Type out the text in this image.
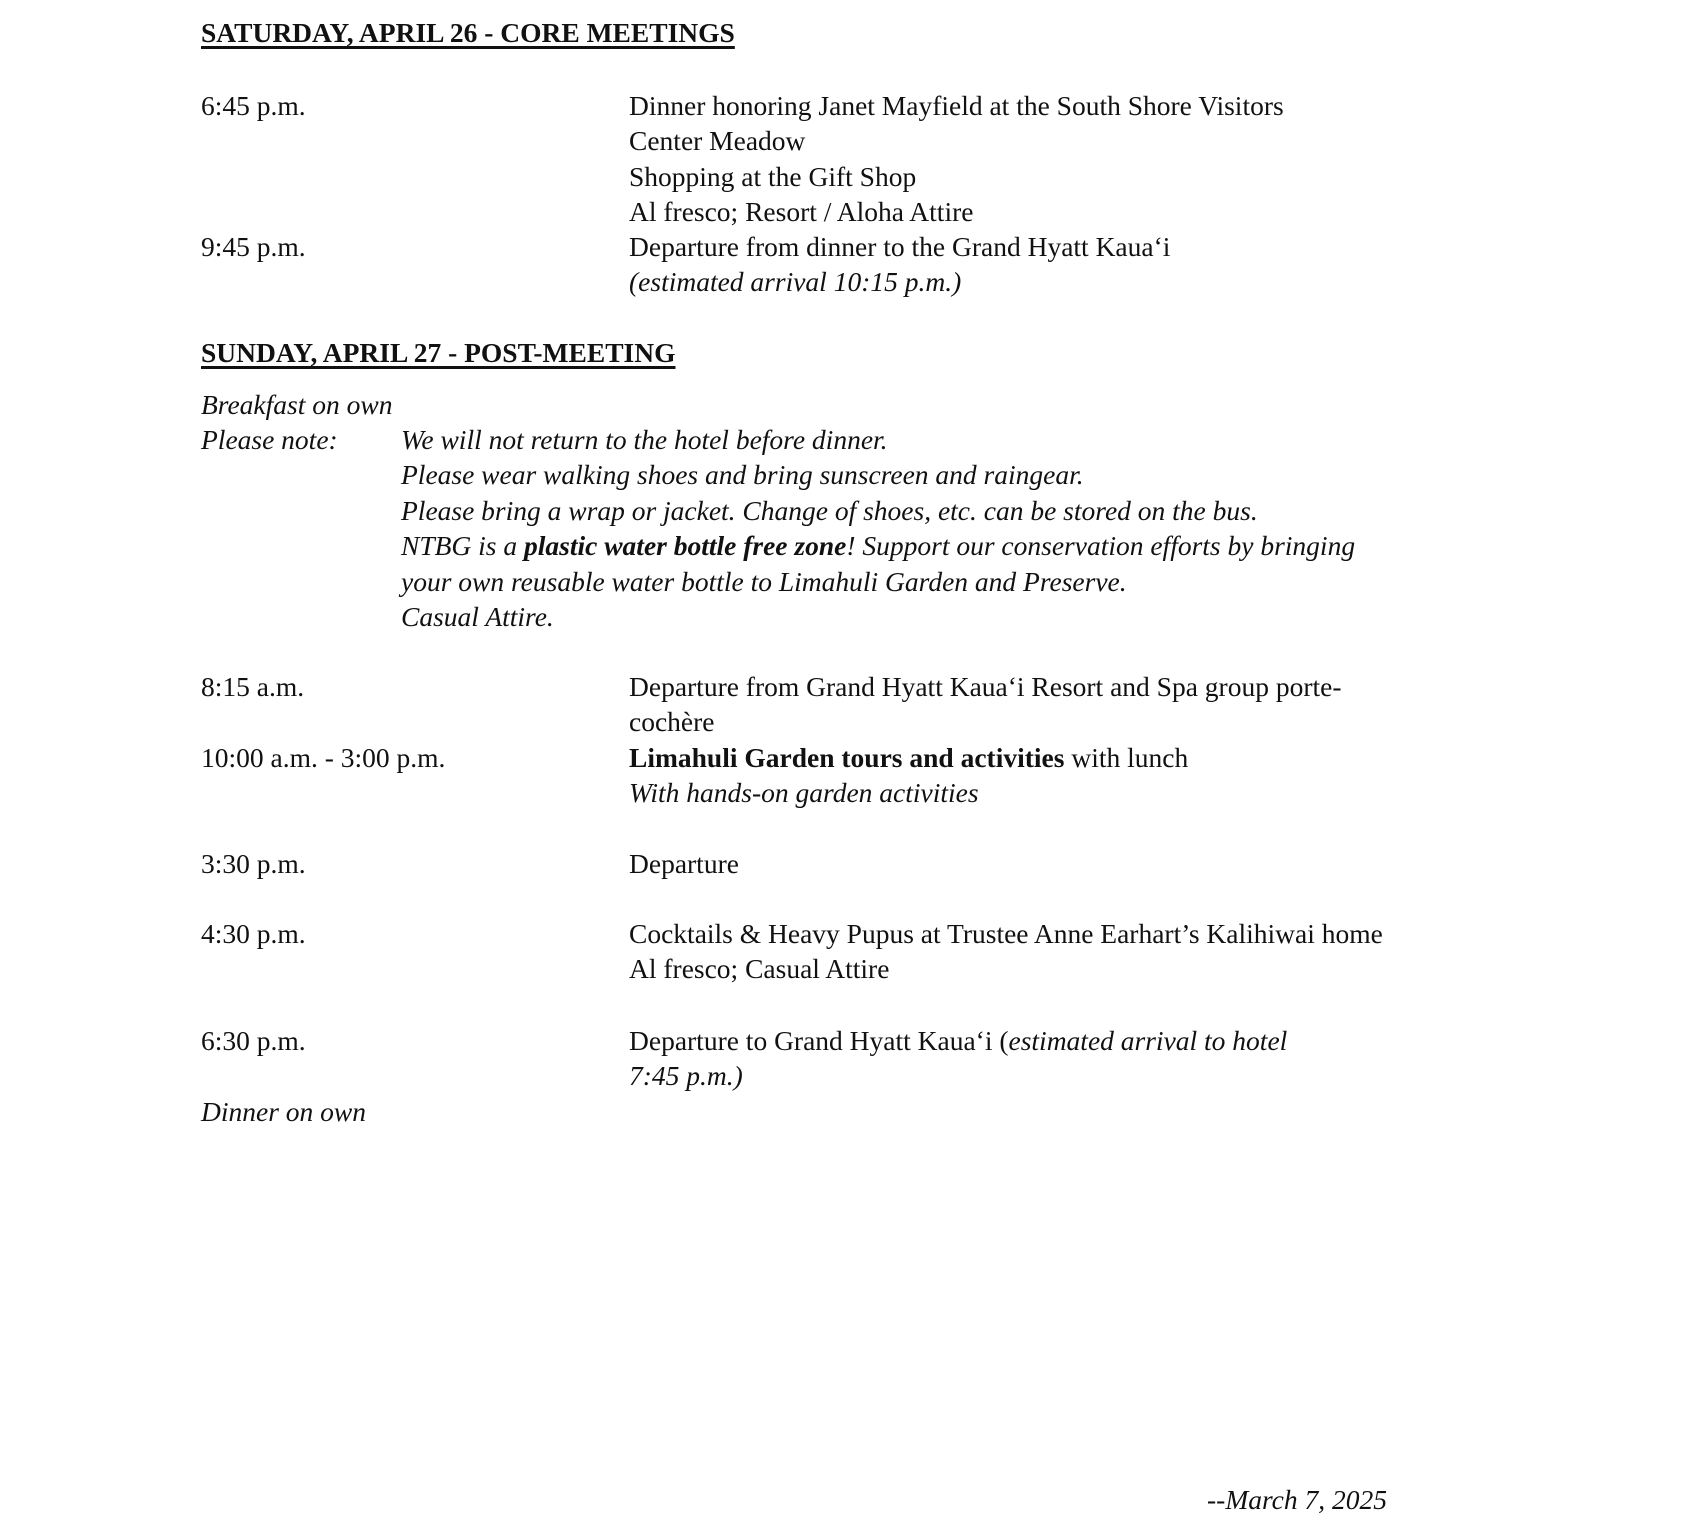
SATURDAY, APRIL 26 - CORE MEETINGS
6:45 p.m.	Dinner honoring Janet Mayfield at the South Shore Visitors
Center Meadow
Shopping at the Gift Shop
Al fresco; Resort / Aloha Attire
9:45 p.m.	Departure from dinner to the Grand Hyatt Kaua‘i
(estimated arrival 10:15 p.m.)
SUNDAY, APRIL 27 - POST-MEETING
Breakfast on own
Please note: We will not return to the hotel before dinner.
Please wear walking shoes and bring sunscreen and raingear.
Please bring a wrap or jacket. Change of shoes, etc. can be stored on the bus.
NTBG is a plastic water bottle free zone! Support our conservation efforts by bringing
your own reusable water bottle to Limahuli Garden and Preserve.
Casual Attire.
8:15 a.m.	Departure from Grand Hyatt Kaua‘i Resort and Spa group porte-
cochère
10:00 a.m. - 3:00 p.m.	Limahuli Garden tours and activities with lunch
With hands-on garden activities
3:30 p.m.	Departure
4:30 p.m.	Cocktails & Heavy Pupus at Trustee Anne Earhart’s Kalihiwai home
Al fresco; Casual Attire
6:30 p.m.	Departure to Grand Hyatt Kaua‘i (estimated arrival to hotel
7:45 p.m.)
Dinner on own
--March 7, 2025
